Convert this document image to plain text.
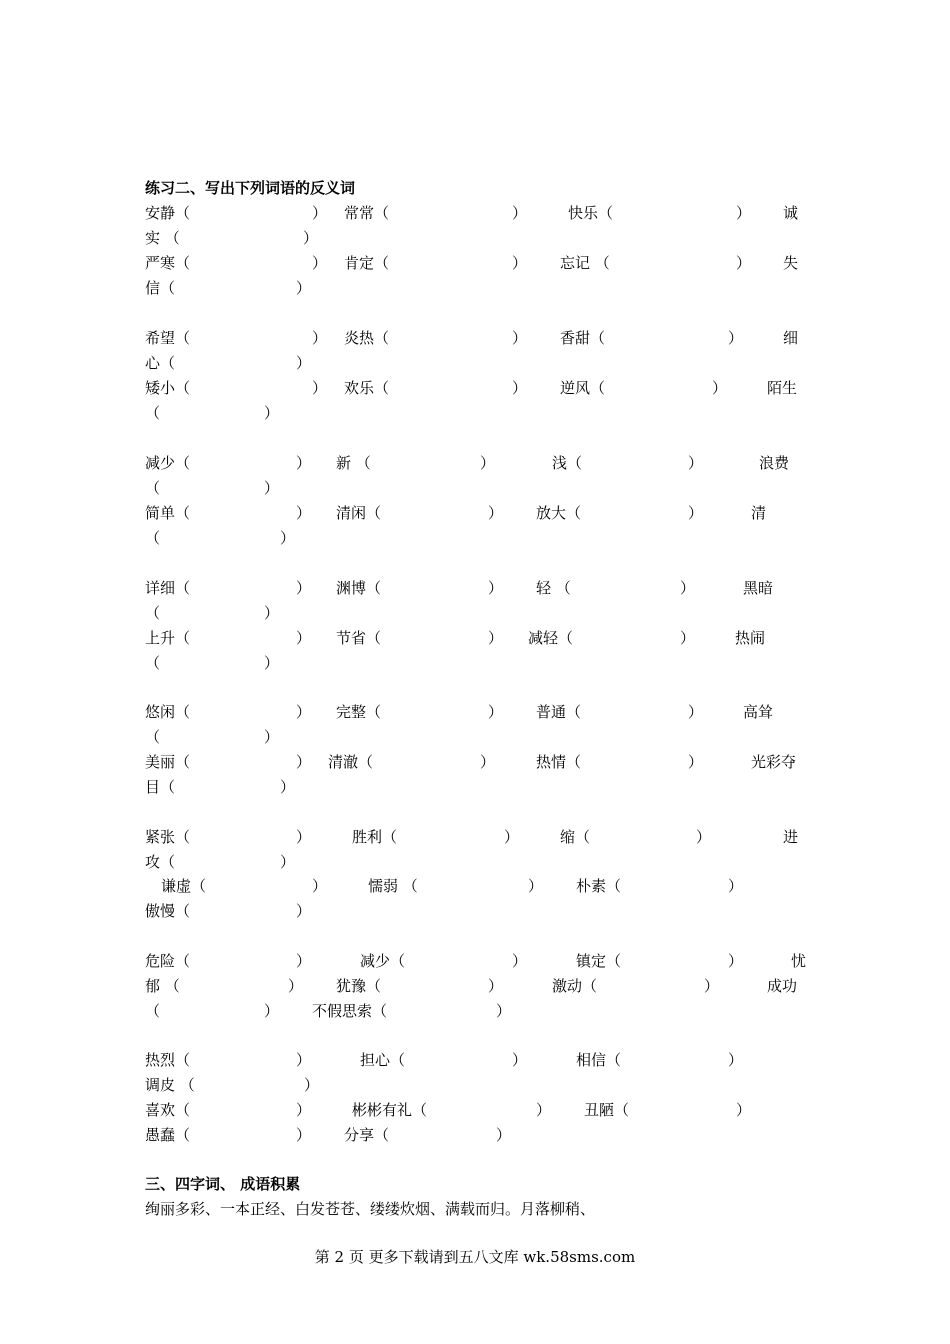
练习二、写出下列词语的反义词
安静（	） 常常（	）	快乐（	） 诚
实 （	）
严寒（	） 肯定（	） 忘记 （	） 失
信（	）
希望（	） 炎热（	） 香甜（	）	细
心（	）
矮小（	） 欢乐（	） 逆风（	）	陌生
（	）
减少（	） 新 （	）	浅（	）	浪费
（	）
简单（	） 清闲（	） 放大（	）	清
（	）
详细（	） 渊博（	） 轻 （	）	黑暗
（	）
上升（	） 节省（	） 减轻（	）	热闹
（	）
悠闲（	） 完整（	） 普通（	）	高耸
（	）
美丽（	） 清澈（	）	热情（	）	光彩夺
目（	）
紧张（	）	胜利（	）	缩（	）	进
攻（	）
谦虚（	）	懦弱 （	） 朴素（	）
傲慢（	）
危险（	）	减少（	）	镇定（	）	忧
郁 （	） 犹豫（	）	激动（	）	成功
（	） 不假思索（	）
热烈（	）	担心（	）	相信（	）
调皮 （	）
喜欢（	）	彬彬有礼（	） 丑陋（	）
愚蠢（	） 分享（	）
三、四字词、 成语积累
绚丽多彩、一本正经、白发苍苍、缕缕炊烟、满载而归。月落柳稍、
第 2 页 更多下载请到五八文库 wk.58sms.com
